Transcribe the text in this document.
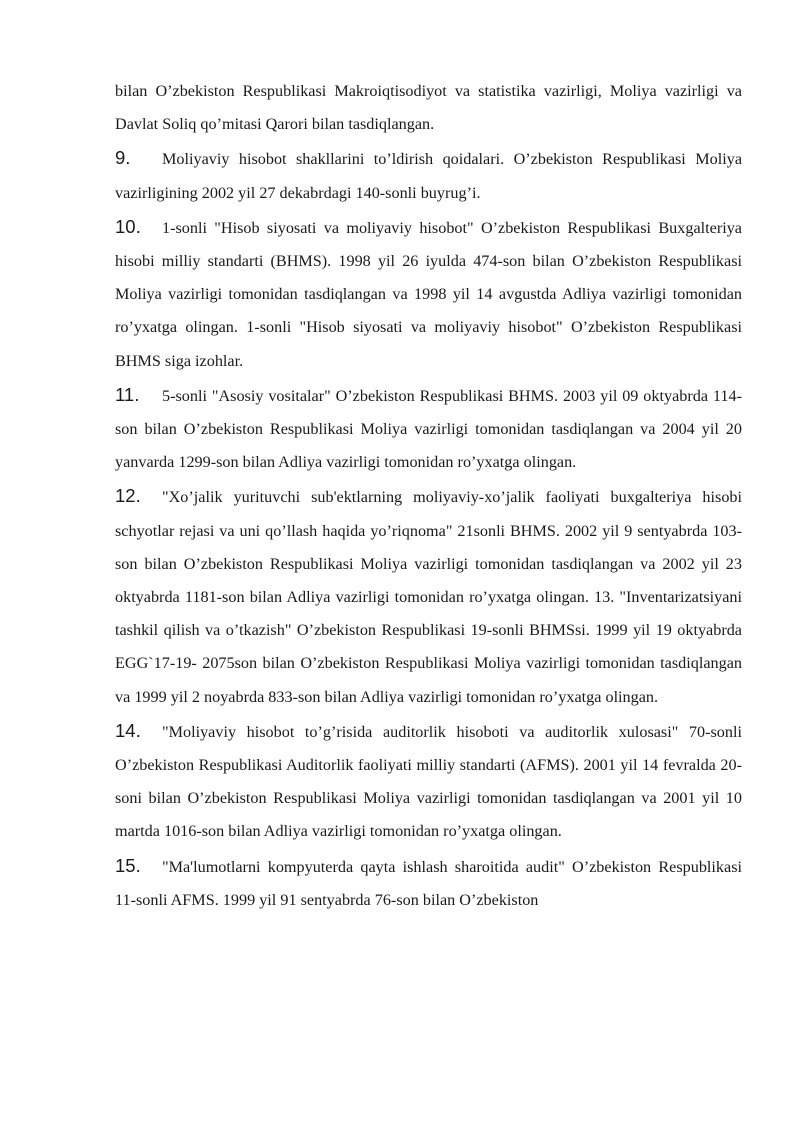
bilan O’zbekiston Respublikasi Makroiqtisodiyot va statistika vazirligi, Moliya vazirligi va Davlat Soliq qo’mitasi Qarori bilan tasdiqlangan.

9. Moliyaviy hisobot shakllarini to’ldirish qoidalari. O’zbekiston Respublikasi Moliya vazirligining 2002 yil 27 dekabrdagi 140-sonli buyrug’i.

10. 1-sonli "Hisob siyosati va moliyaviy hisobot" O’zbekiston Respublikasi Buxgalteriya hisobi milliy standarti (BHMS). 1998 yil 26 iyulda 474-son bilan O’zbekiston Respublikasi Moliya vazirligi tomonidan tasdiqlangan va 1998 yil 14 avgustda Adliya vazirligi tomonidan ro’yxatga olingan. 1-sonli "Hisob siyosati va moliyaviy hisobot" O’zbekiston Respublikasi BHMS siga izohlar.

11. 5-sonli "Asosiy vositalar" O’zbekiston Respublikasi BHMS. 2003 yil 09 oktyabrda 114-son bilan O’zbekiston Respublikasi Moliya vazirligi tomonidan tasdiqlangan va 2004 yil 20 yanvarda 1299-son bilan Adliya vazirligi tomonidan ro’yxatga olingan.

12. "Xo’jalik yurituvchi sub'ektlarning moliyaviy-xo’jalik faoliyati buxgalteriya hisobi schyotlar rejasi va uni qo’llash haqida yo’riqnoma" 21sonli BHMS. 2002 yil 9 sentyabrda 103-son bilan O’zbekiston Respublikasi Moliya vazirligi tomonidan tasdiqlangan va 2002 yil 23 oktyabrda 1181-son bilan Adliya vazirligi tomonidan ro’yxatga olingan. 13. "Inventarizatsiyani tashkil qilish va o’tkazish" O’zbekiston Respublikasi 19-sonli BHMSsi. 1999 yil 19 oktyabrda EGG`17-19- 2075son bilan O’zbekiston Respublikasi Moliya vazirligi tomonidan tasdiqlangan va 1999 yil 2 noyabrda 833-son bilan Adliya vazirligi tomonidan ro’yxatga olingan.

14. "Moliyaviy hisobot to’g’risida auditorlik hisoboti va auditorlik xulosasi" 70-sonli O’zbekiston Respublikasi Auditorlik faoliyati milliy standarti (AFMS). 2001 yil 14 fevralda 20-soni bilan O’zbekiston Respublikasi Moliya vazirligi tomonidan tasdiqlangan va 2001 yil 10 martda 1016-son bilan Adliya vazirligi tomonidan ro’yxatga olingan.

15. "Ma'lumotlarni kompyuterda qayta ishlash sharoitida audit" O’zbekiston Respublikasi 11-sonli AFMS. 1999 yil 91 sentyabrda 76-son bilan O’zbekiston
